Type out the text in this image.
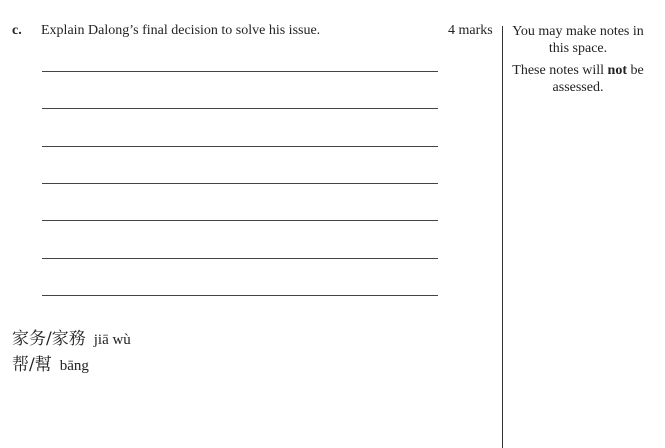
c. Explain Dalong’s final decision to solve his issue.	4 marks	You may make notes in this space.
These notes will not be assessed.
家务/家務 jiā wù
帮/幫 bāng
